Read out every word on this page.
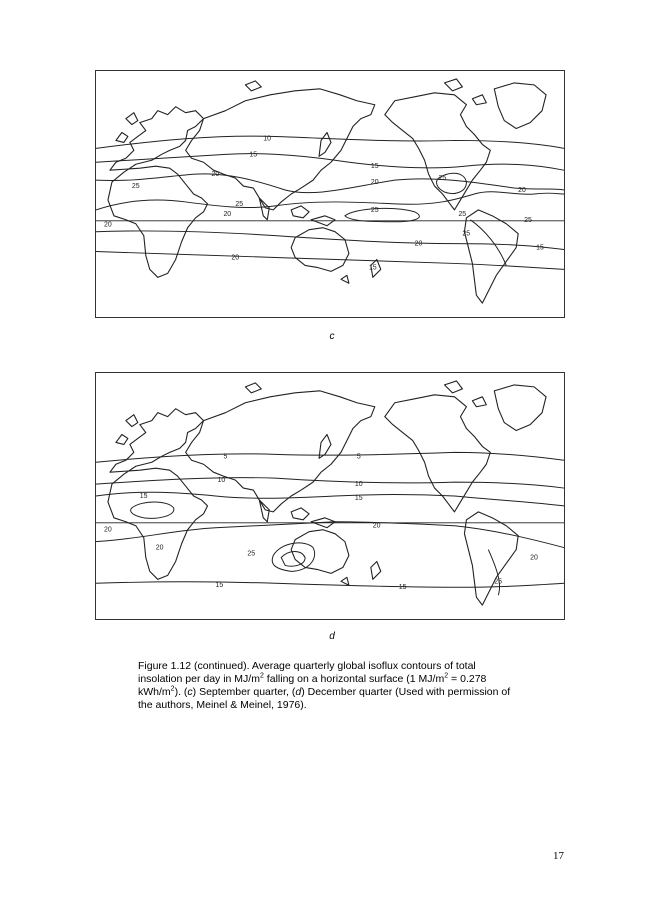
10
15
15
20
20
20
20
20
25
25
25
25
25
25
20
15
20
15
25
c
5	5
10
10
15	15
20
20
25
20
15	15
20
25
d
Figure 1.12 (continued). Average quarterly global isoflux contours of total insolation per day in $MJ/m^2$ falling on a horizontal surface (1 $MJ/m^2 = 0.278$ kWh/$m^2$). (c) September quarter, (d) December quarter (Used with permission of the authors, Meinel & Meinel, 1976).
17
